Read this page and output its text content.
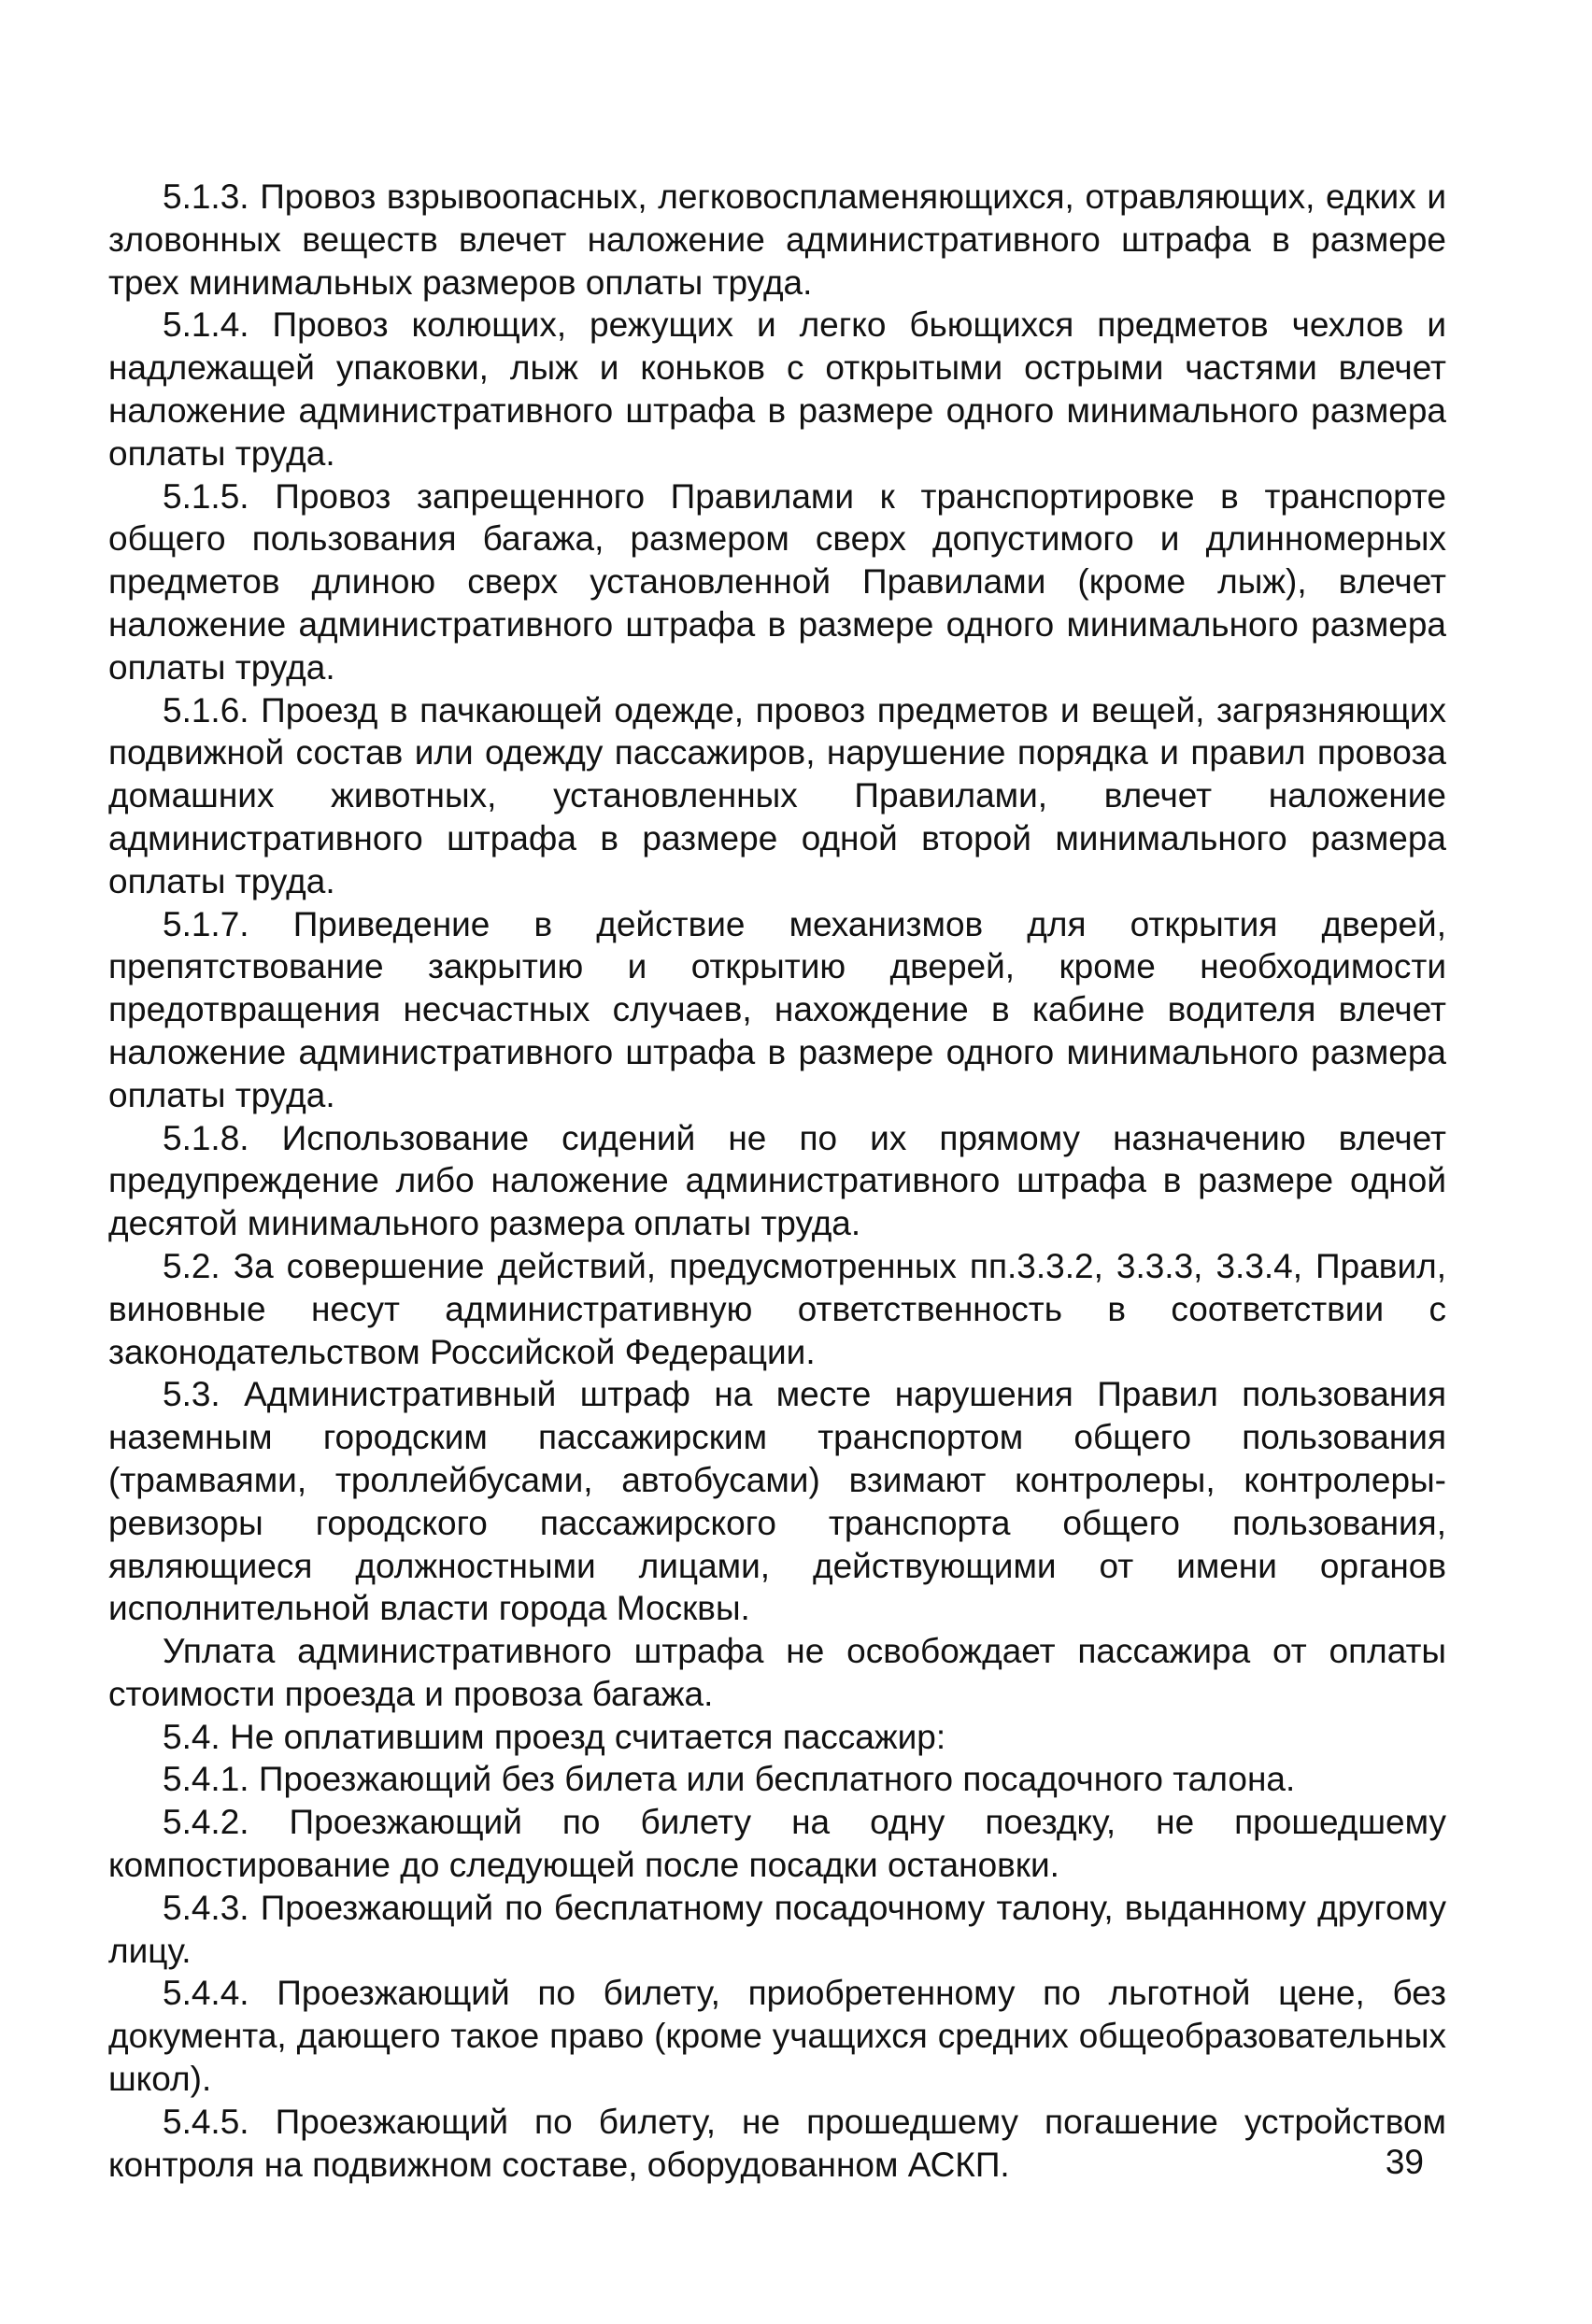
5.1.3. Провоз взрывоопасных, легковоспламеняющихся, отравляющих, едких и зловонных веществ влечет наложение административного штрафа в размере трех минимальных размеров оплаты труда.

5.1.4. Провоз колющих, режущих и легко бьющихся предметов чехлов и надлежащей упаковки, лыж и коньков с открытыми острыми частями влечет наложение административного штрафа в размере одного минимального размера оплаты труда.

5.1.5. Провоз запрещенного Правилами к транспортировке в транспорте общего пользования багажа, размером сверх допустимого и длинномерных предметов длиною сверх установленной Правилами (кроме лыж), влечет наложение административного штрафа в размере одного минимального размера оплаты труда.

5.1.6. Проезд в пачкающей одежде, провоз предметов и вещей, загрязняющих подвижной состав или одежду пассажиров, нарушение порядка и правил провоза домашних животных, установленных Правилами, влечет наложение административного штрафа в размере одной второй минимального размера оплаты труда.

5.1.7. Приведение в действие механизмов для открытия дверей, препятствование закрытию и открытию дверей, кроме необходимости предотвращения несчастных случаев, нахождение в кабине водителя влечет наложение административного штрафа в размере одного минимального размера оплаты труда.

5.1.8. Использование сидений не по их прямому назначению влечет предупреждение либо наложение административного штрафа в размере одной десятой минимального размера оплаты труда.

5.2. За совершение действий, предусмотренных пп.3.3.2, 3.3.3, 3.3.4, Правил, виновные несут административную ответственность в соответствии с законодательством Российской Федерации.

5.3. Административный штраф на месте нарушения Правил пользования наземным городским пассажирским транспортом общего пользования (трамваями, троллейбусами, автобусами) взимают контролеры, контролеры-ревизоры городского пассажирского транспорта общего пользования, являющиеся должностными лицами, действующими от имени органов исполнительной власти города Москвы.

Уплата административного штрафа не освобождает пассажира от оплаты стоимости проезда и провоза багажа.

5.4. Не оплатившим проезд считается пассажир:

5.4.1. Проезжающий без билета или бесплатного посадочного талона.

5.4.2. Проезжающий по билету на одну поездку, не прошедшему компостирование до следующей после посадки остановки.

5.4.3. Проезжающий по бесплатному посадочному талону, выданному другому лицу.

5.4.4. Проезжающий по билету, приобретенному по льготной цене, без документа, дающего такое право (кроме учащихся средних общеобразовательных школ).

5.4.5. Проезжающий по билету, не прошедшему погашение устройством контроля на подвижном составе, оборудованном АСКП.	39
